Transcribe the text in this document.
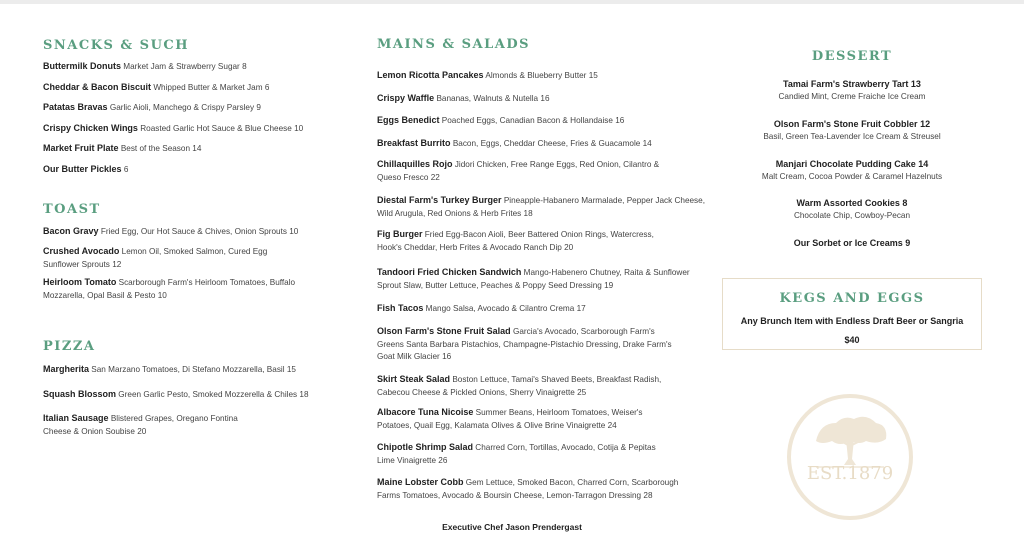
SNACKS & SUCH
Buttermilk Donuts Market Jam & Strawberry Sugar 8
Cheddar & Bacon Biscuit Whipped Butter & Market Jam 6
Patatas Bravas Garlic Aioli, Manchego & Crispy Parsley 9
Crispy Chicken Wings Roasted Garlic Hot Sauce & Blue Cheese 10
Market Fruit Plate Best of the Season 14
Our Butter Pickles 6
TOAST
Bacon Gravy Fried Egg, Our Hot Sauce & Chives, Onion Sprouts 10
Crushed Avocado Lemon Oil, Smoked Salmon, Cured Egg Sunflower Sprouts 12
Heirloom Tomato Scarborough Farm's Heirloom Tomatoes, Buffalo Mozzarella, Opal Basil & Pesto 10
PIZZA
Margherita San Marzano Tomatoes, Di Stefano Mozzarella, Basil 15
Squash Blossom Green Garlic Pesto, Smoked Mozzerella & Chiles 18
Italian Sausage Blistered Grapes, Oregano Fontina Cheese & Onion Soubise 20
MAINS & SALADS
Lemon Ricotta Pancakes Almonds & Blueberry Butter 15
Crispy Waffle Bananas, Walnuts & Nutella 16
Eggs Benedict Poached Eggs, Canadian Bacon & Hollandaise 16
Breakfast Burrito Bacon, Eggs, Cheddar Cheese, Fries & Guacamole 14
Chillaquilles Rojo Jidori Chicken, Free Range Eggs, Red Onion, Cilantro & Queso Fresco 22
Diestal Farm's Turkey Burger Pineapple-Habanero Marmalade, Pepper Jack Cheese, Wild Arugula, Red Onions & Herb Frites 18
Fig Burger Fried Egg-Bacon Aioli, Beer Battered Onion Rings, Watercress, Hook's Cheddar, Herb Frites & Avocado Ranch Dip 20
Tandoori Fried Chicken Sandwich Mango-Habenero Chutney, Raita & Sunflower Sprout Slaw, Butter Lettuce, Peaches & Poppy Seed Dressing 19
Fish Tacos Mango Salsa, Avocado & Cilantro Crema 17
Olson Farm's Stone Fruit Salad Garcia's Avocado, Scarborough Farm's Greens Santa Barbara Pistachios, Champagne-Pistachio Dressing, Drake Farm's Goat Milk Glacier 16
Skirt Steak Salad Boston Lettuce, Tamai's Shaved Beets, Breakfast Radish, Cabecou Cheese & Pickled Onions, Sherry Vinaigrette 25
Albacore Tuna Nicoise Summer Beans, Heirloom Tomatoes, Weiser's Potatoes, Quail Egg, Kalamata Olives & Olive Brine Vinaigrette 24
Chipotle Shrimp Salad Charred Corn, Tortillas, Avocado, Cotija & Pepitas Lime Vinaigrette 26
Maine Lobster Cobb Gem Lettuce, Smoked Bacon, Charred Corn, Scarborough Farms Tomatoes, Avocado & Boursin Cheese, Lemon-Tarragon Dressing 28
DESSERT
Tamai Farm's Strawberry Tart 13
Candied Mint, Creme Fraiche Ice Cream
Olson Farm's Stone Fruit Cobbler 12
Basil, Green Tea-Lavender Ice Cream & Streusel
Manjari Chocolate Pudding Cake 14
Malt Cream, Cocoa Powder & Caramel Hazelnuts
Warm Assorted Cookies 8
Chocolate Chip, Cowboy-Pecan
Our Sorbet or Ice Creams 9
KEGS AND EGGS
Any Brunch Item with Endless Draft Beer or Sangria
$40
EST.1879
Executive Chef Jason Prendergast
